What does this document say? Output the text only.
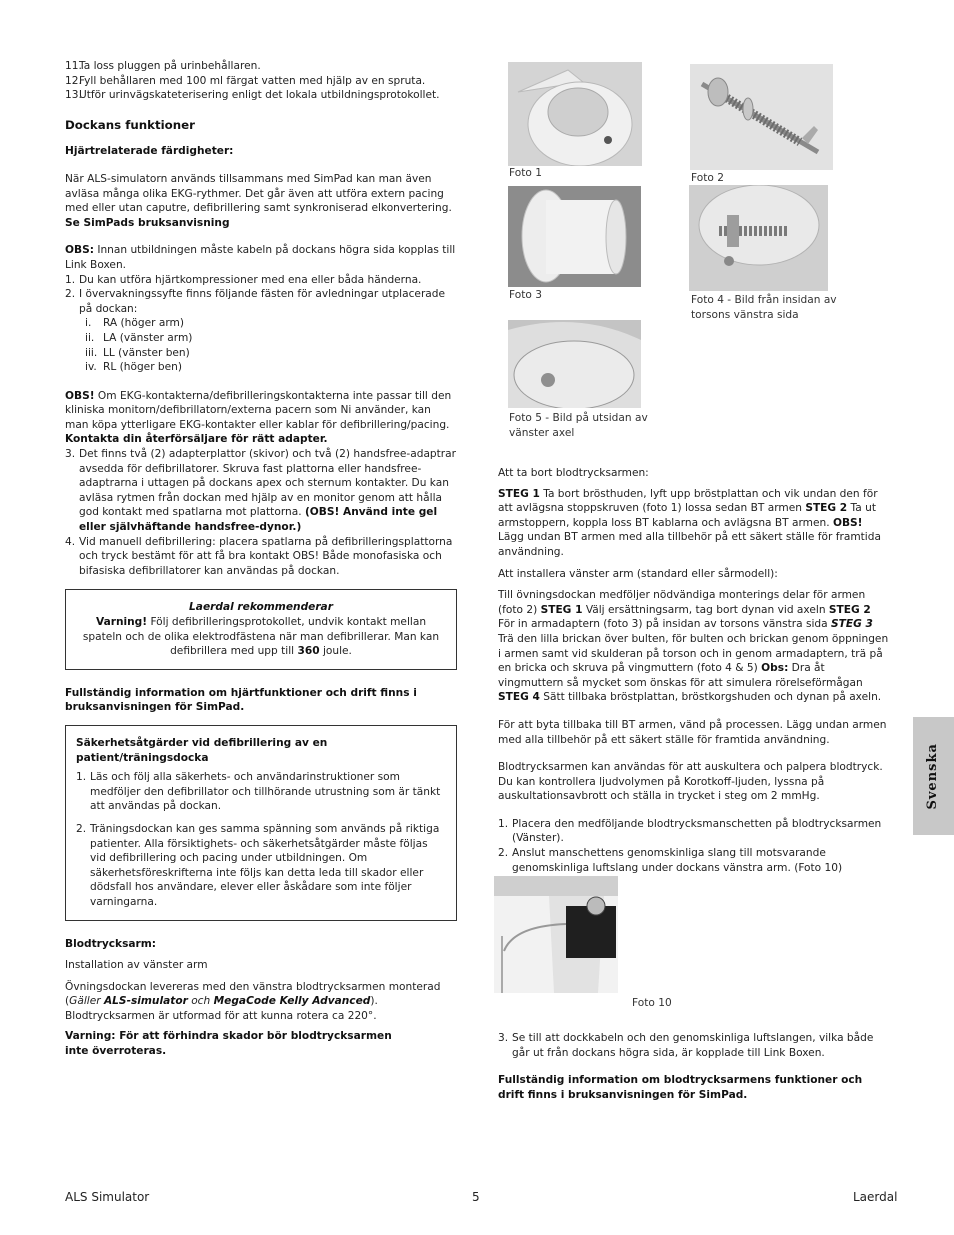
11.
Ta loss pluggen på urinbehållaren.
12.
Fyll behållaren med 100 ml färgat vatten med hjälp av en spruta.
13.
Utför urinvägskateterisering enligt det lokala utbildningsprotokollet.
Dockans funktioner

Hjärtrelaterade färdigheter:

När ALS-simulatorn används tillsammans med SimPad kan man även avläsa många olika EKG-rythmer. Det går även att utföra extern pacing med eller utan caputre, defibrillering samt synkroniserad elkonvertering. Se SimPads bruksanvisning

OBS: Innan utbildningen måste kabeln på dockans högra sida kopplas till Link Boxen.

1. Du kan utföra hjärtkompressioner med ena eller båda händerna.
2. I övervakningssyfte finns följande fästen för avledningar utplacerade på dockan:
i. RA (höger arm)
ii. LA (vänster arm)
iii. LL (vänster ben)
iv. RL (höger ben)

OBS! Om EKG-kontakterna/defibrilleringskontakterna inte passar till den kliniska monitorn/defibrillatorn/externa pacern som Ni använder, kan man köpa ytterligare EKG-kontakter eller kablar för defibrillering/pacing. Kontakta din återförsäljare för rätt adapter.

3. Det finns två (2) adapterplattor (skivor) och två (2) handsfree-adaptrar avsedda för defibrillatorer. Skruva fast plattorna eller handsfree-adaptrarna i uttagen på dockans apex och sternum kontakter. Du kan avläsa rytmen från dockan med hjälp av en monitor genom att hålla god kontakt med spatlarna mot plattorna. (OBS! Använd inte gel eller självhäftande handsfree-dynor.)
4. Vid manuell defibrillering: placera spatlarna på defibrilleringsplattorna och tryck bestämt för att få bra kontakt OBS! Både monofasiska och bifasiska defibrillatorer kan användas på dockan.

Laerdal rekommenderar

Varning! Följ defibrilleringsprotokollet, undvik kontakt mellan spateln och de olika elektrodfästena när man defibrillerar. Man kan defibrillera med upp till 360 joule.

Fullständig information om hjärtfunktioner och drift finns i bruksanvisningen för SimPad.

Säkerhetsåtgärder vid defibrillering av en patient/träningsdocka

1. Läs och följ alla säkerhets- och användarinstruktioner som medföljer den defibrillator och tillhörande utrustning som är tänkt att användas på dockan.
2. Träningsdockan kan ges samma spänning som används på riktiga patienter. Alla försiktighets- och säkerhetsåtgärder måste följas vid defibrillering och pacing under utbildningen. Om säkerhetsföreskrifterna inte följs kan detta leda till skador eller dödsfall hos användare, elever eller åskådare som inte följer varningarna.

Blodtrycksarm:

Installation av vänster arm

Övningsdockan levereras med den vänstra blodtrycksarmen monterad (Gäller ALS-simulator och MegaCode Kelly Advanced). Blodtrycksarmen är utformad för att kunna rotera ca 220°.

Varning: För att förhindra skador bör blodtrycksarmen inte överroteras.

Foto 1	Foto 2
Foto 3	Foto 4 - Bild från insidan av torsons vänstra sida
Foto 5 - Bild på utsidan av vänster axel

Att ta bort blodtrycksarmen:

STEG 1 Ta bort brösthuden, lyft upp bröstplattan och vik undan den för att avlägsna stoppskruven (foto 1) lossa sedan BT armen STEG 2 Ta ut armstoppern, koppla loss BT kablarna och avlägsna BT armen. OBS! Lägg undan BT armen med alla tillbehör på ett säkert ställe för framtida användning.

Att installera vänster arm (standard eller sårmodell):

Till övningsdockan medföljer nödvändiga monterings delar för armen (foto 2) STEG 1 Välj ersättningsarm, tag bort dynan vid axeln STEG 2 För in armadaptern (foto 3) på insidan av torsons vänstra sida STEG 3 Trä den lilla brickan över bulten, för bulten och brickan genom öppningen i armen samt vid skulderan på torson och in genom armadaptern, trä på en bricka och skruva på vingmuttern (foto 4 & 5) Obs: Dra åt vingmuttern så mycket som önskas för att simulera rörelseförmågan STEG 4 Sätt tillbaka bröstplattan, bröstkorgshuden och dynan på axeln.

För att byta tillbaka till BT armen, vänd på processen. Lägg undan armen med alla tillbehör på ett säkert ställe för framtida användning.

Blodtrycksarmen kan användas för att auskultera och palpera blodtryck. Du kan kontrollera ljudvolymen på Korotkoff-ljuden, lyssna på auskultationsavbrott och ställa in trycket i steg om 2 mmHg.

1. Placera den medföljande blodtrycksmanschetten på blodtrycksarmen (Vänster).
2. Anslut manschettens genomskinliga slang till motsvarande genomskinliga luftslang under dockans vänstra arm. (Foto 10)
Foto 10
3. Se till att dockkabeln och den genomskinliga luftslangen, vilka både går ut från dockans högra sida, är kopplade till Link Boxen.

Fullständig information om blodtrycksarmens funktioner och drift finns i bruksanvisningen för SimPad.

Svenska
ALS Simulator	5	Laerdal
